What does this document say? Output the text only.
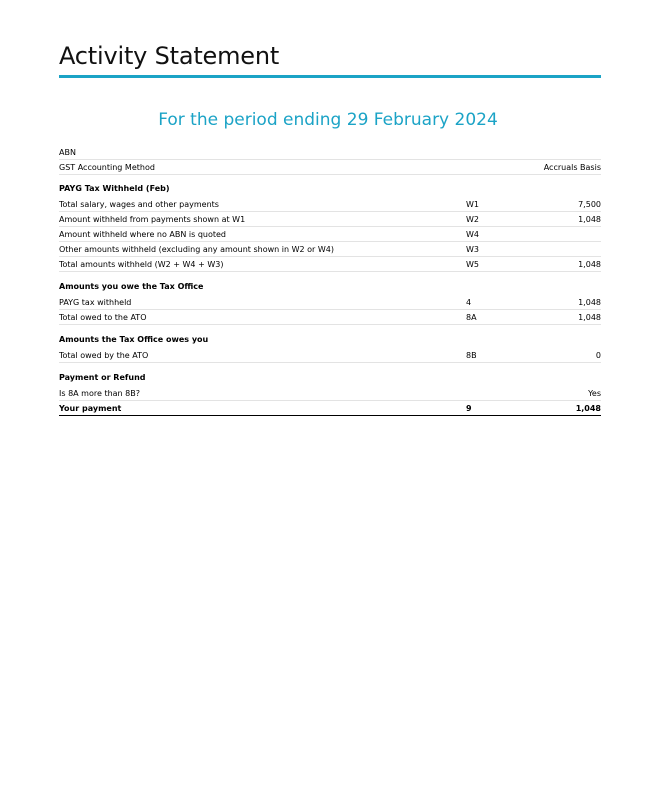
Activity Statement
For the period ending 29 February 2024
ABN
GST Accounting Method	Accruals Basis
PAYG Tax Withheld (Feb)
Total salary, wages and other payments	W1	7,500
Amount withheld from payments shown at W1	W2	1,048
Amount withheld where no ABN is quoted	W4
Other amounts withheld (excluding any amount shown in W2 or W4)	W3
Total amounts withheld (W2 + W4 + W3)	W5	1,048
Amounts you owe the Tax Office
PAYG tax withheld	4	1,048
Total owed to the ATO	8A	1,048
Amounts the Tax Office owes you
Total owed by the ATO	8B	0
Payment or Refund
Is 8A more than 8B?	Yes
Your payment	9	1,048
